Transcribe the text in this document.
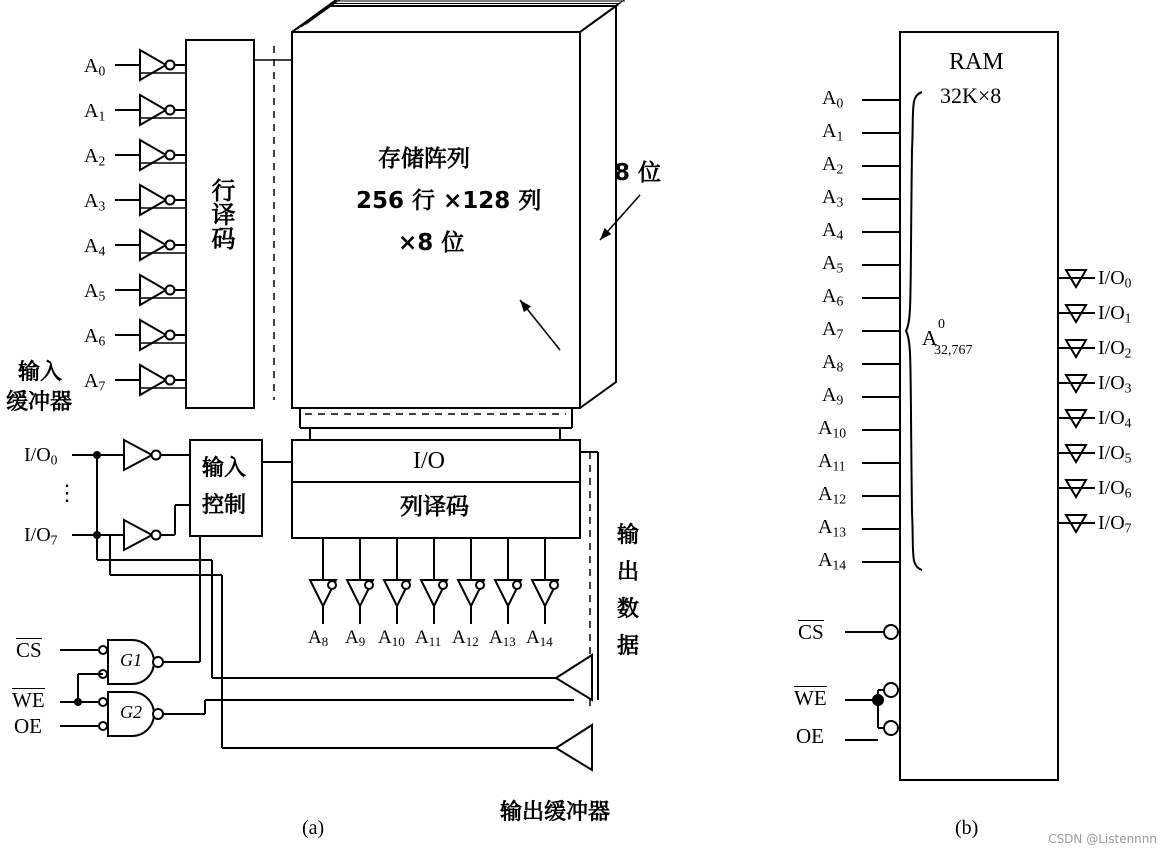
$A_0$
$A_1$
$A_2$
$A_3$
$A_4$
$A_5$
$A_6$
$A_7$
行译码
存储阵列
256 行 ×128 列
×8 位
8 位
输入
缓冲器
$I/O_0$
⋮
$I/O_7$
输入
控制
I/O
列译码
$A_8$ $A_9$ $A_{10}$ $A_{11}$ $A_{12}$ $A_{13}$ $A_{14}$
输
出
数
据
输出缓冲器
CS
WE
OE
G1
G2
RAM
32K×8
$A_0$
$A_1$
$A_2$
$A_3$
$A_4$
$A_5$
$A_6$
$A_7$
$A_8$
$A_9$
$A_{10}$
$A_{11}$
$A_{12}$
$A_{13}$
$A_{14}$
A
0
32,767
$I/O_0$
$I/O_1$
$I/O_2$
$I/O_3$
$I/O_4$
$I/O_5$
$I/O_6$
$I/O_7$
CS
WE
OE
(a)	(b)	CSDN @Listennnn
